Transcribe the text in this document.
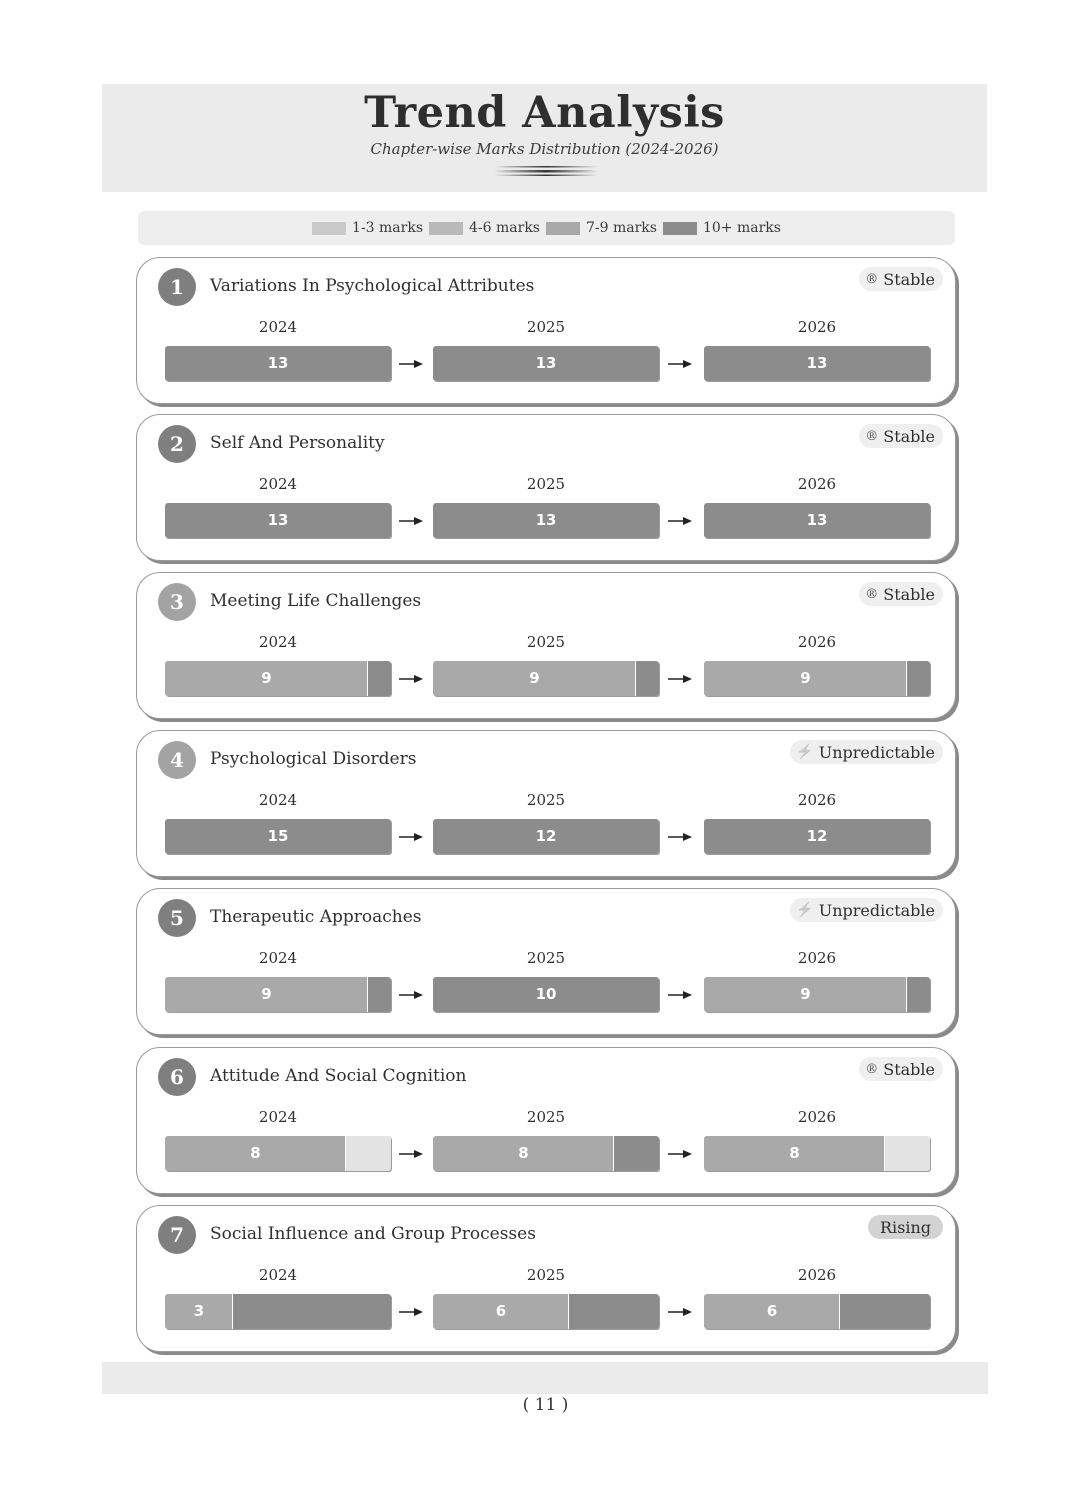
Trend Analysis
Chapter-wise Marks Distribution (2024-2026)
1-3 marks	4-6 marks	7-9 marks	10+ marks
1	Variations In Psychological Attributes	® Stable
2024
13
2025
13
2026
13
2	Self And Personality	® Stable
2024
13
2025
13
2026
13
3	Meeting Life Challenges	® Stable
2024
9
2025
9
2026
9
4	Psychological Disorders	⚡ Unpredictable
2024
15
2025
12
2026
12
5	Therapeutic Approaches	⚡ Unpredictable
2024
9
2025
10
2026
9
6	Attitude And Social Cognition	® Stable
2024
8
2025
8
2026
8
7	Social Influence and Group Processes	Rising
2024
3
2025
6
2026
6
( 11 )
